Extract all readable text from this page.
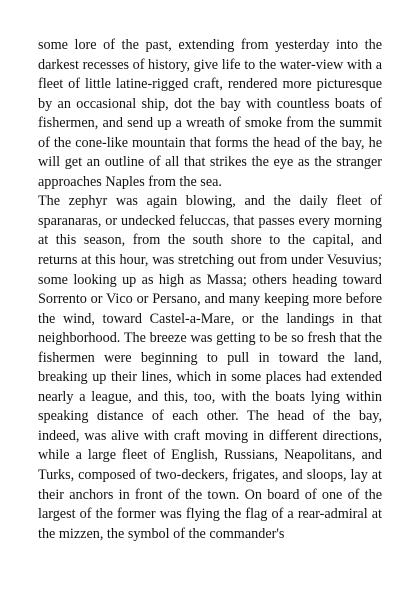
some lore of the past, extending from yesterday into the darkest recesses of history, give life to the water-view with a fleet of little latine-rigged craft, rendered more picturesque by an occasional ship, dot the bay with countless boats of fishermen, and send up a wreath of smoke from the summit of the cone-like mountain that forms the head of the bay, he will get an outline of all that strikes the eye as the stranger approaches Naples from the sea.

The zephyr was again blowing, and the daily fleet of sparanaras, or undecked feluccas, that passes every morning at this season, from the south shore to the capital, and returns at this hour, was stretching out from under Vesuvius; some looking up as high as Massa; others heading toward Sorrento or Vico or Persano, and many keeping more before the wind, toward Castel-a-Mare, or the landings in that neighborhood. The breeze was getting to be so fresh that the fishermen were beginning to pull in toward the land, breaking up their lines, which in some places had extended nearly a league, and this, too, with the boats lying within speaking distance of each other. The head of the bay, indeed, was alive with craft moving in different directions, while a large fleet of English, Russians, Neapolitans, and Turks, composed of two-deckers, frigates, and sloops, lay at their anchors in front of the town. On board of one of the largest of the former was flying the flag of a rear-admiral at the mizzen, the symbol of the commander's
